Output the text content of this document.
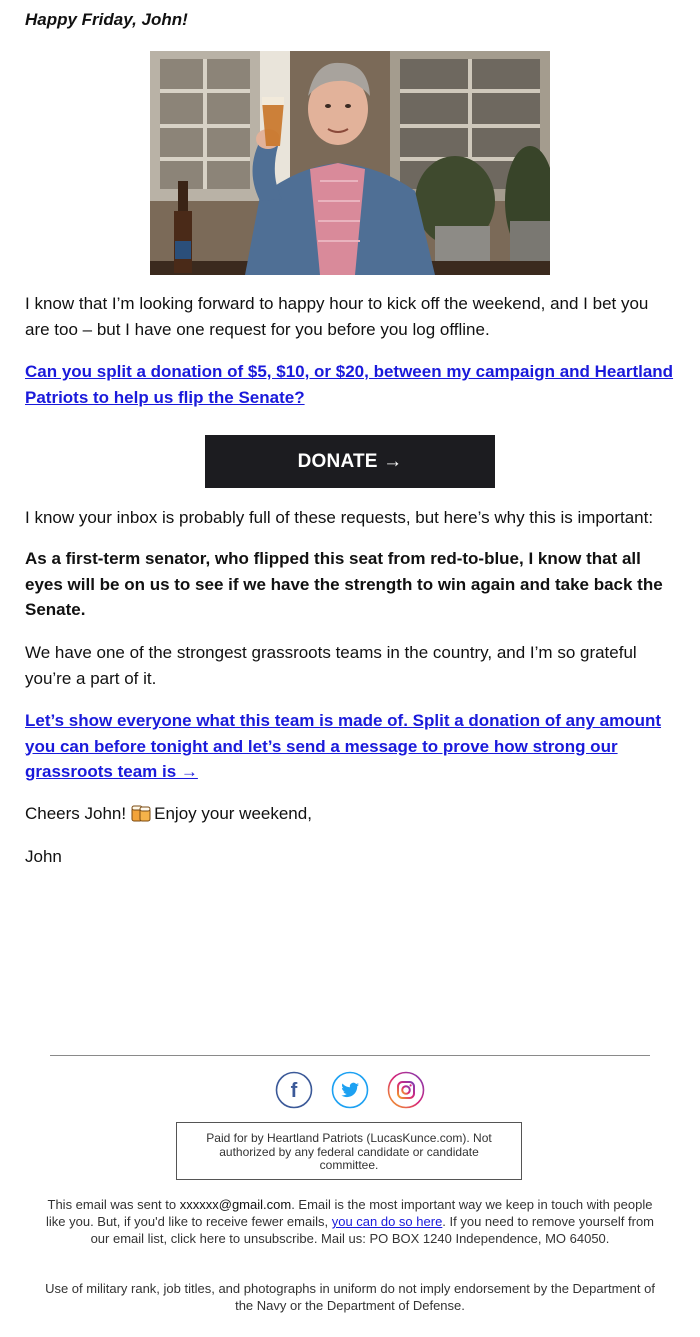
Happy Friday, John!

I know that I’m looking forward to happy hour to kick off the weekend, and I bet you are too – but I have one request for you before you log offline.

Can you split a donation of $5, $10, or $20, between my campaign and Heartland Patriots to help us flip the Senate?

DONATE →

I know your inbox is probably full of these requests, but here’s why this is important:

As a first-term senator, who flipped this seat from red-to-blue, I know that all eyes will be on us to see if we have the strength to win again and take back the Senate.

We have one of the strongest grassroots teams in the country, and I’m so grateful you’re a part of it.

Let’s show everyone what this team is made of. Split a donation of any amount you can before tonight and let’s send a message to prove how strong our grassroots team is →

Cheers John! Enjoy your weekend,

John

f
Paid for by Heartland Patriots (LucasKunce.com). Not authorized by any federal candidate or candidate committee.

This email was sent to xxxxxx@gmail.com. Email is the most important way we keep in touch with people like you. But, if you'd like to receive fewer emails, you can do so here. If you need to remove yourself from our email list, click here to unsubscribe. Mail us: PO BOX 1240 Independence, MO 64050.

Use of military rank, job titles, and photographs in uniform do not imply endorsement by the Department of the Navy or the Department of Defense.
